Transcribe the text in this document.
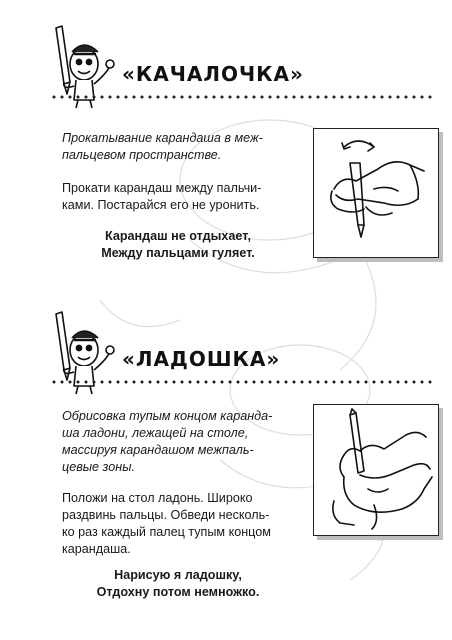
«КАЧАЛОЧКА»

Прокатывание карандаша в меж-
пальцевом пространстве.

Прокати карандаш между пальчи-
ками. Постарайся его не уронить.

Карандаш не отдыхает,
Между пальцами гуляет.

«ЛАДОШКА»

Обрисовка тупым концом каранда-
ша ладони, лежащей на столе,
массируя карандашом межпаль-
цевые зоны.

Положи на стол ладонь. Широко
раздвинь пальцы. Обведи несколь-
ко раз каждый палец тупым концом
карандаша.

Нарисую я ладошку,
Отдохну потом немножко.
